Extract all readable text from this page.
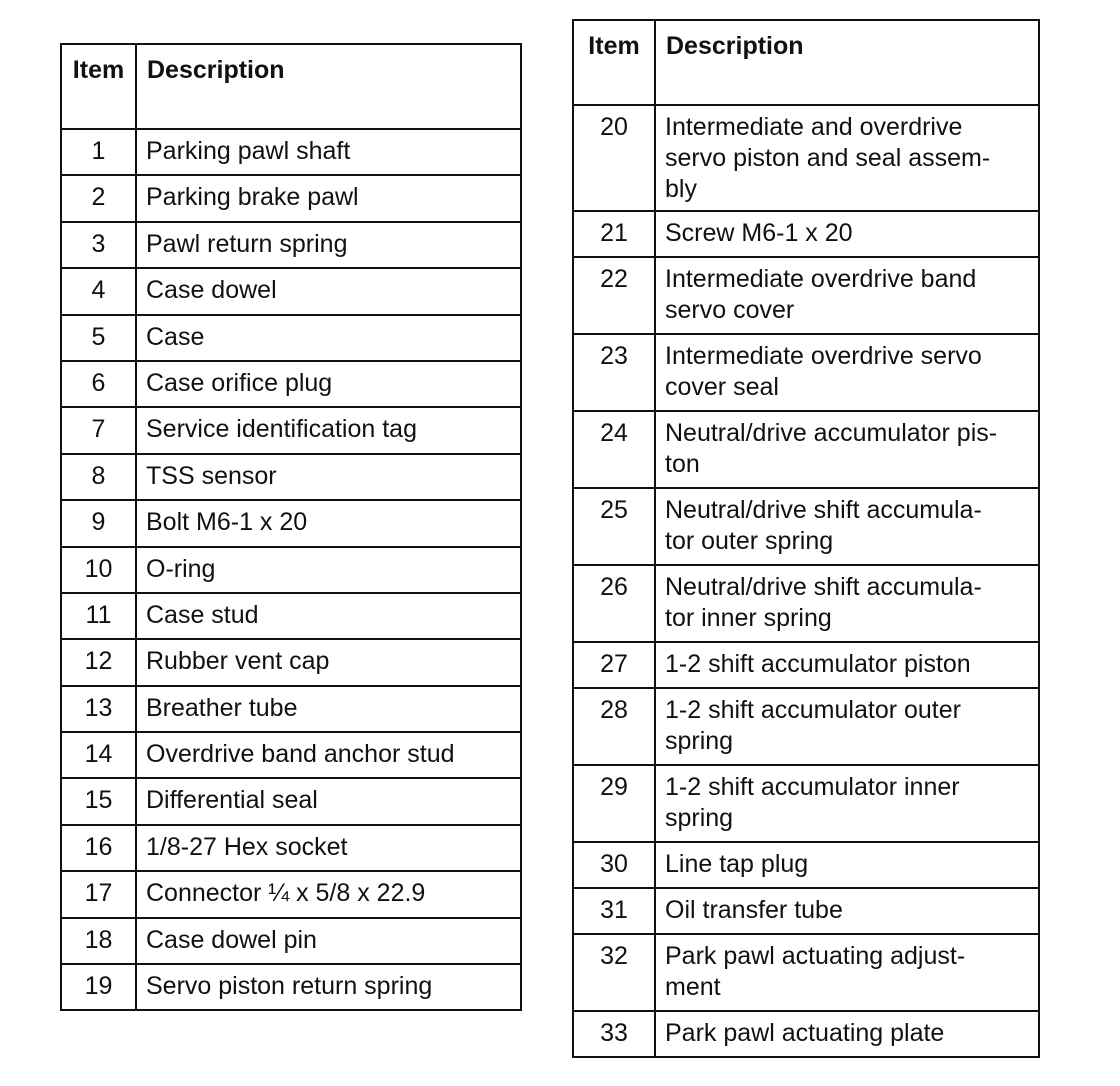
Item	Description
1	Parking pawl shaft
2	Parking brake pawl
3	Pawl return spring
4	Case dowel
5	Case
6	Case orifice plug
7	Service identification tag
8	TSS sensor
9	Bolt M6-1 x 20
10	O-ring
11	Case stud
12	Rubber vent cap
13	Breather tube
14	Overdrive band anchor stud
15	Differential seal
16	1/8-27 Hex socket
17	Connector ¼ x 5/8 x 22.9
18	Case dowel pin
19	Servo piston return spring
Item	Description
20	Intermediate and overdrive
servo piston and seal assem-
bly
21	Screw M6-1 x 20
22	Intermediate overdrive band
servo cover
23	Intermediate overdrive servo
cover seal
24	Neutral/drive accumulator pis-
ton
25	Neutral/drive shift accumula-
tor outer spring
26	Neutral/drive shift accumula-
tor inner spring
27	1-2 shift accumulator piston
28	1-2 shift accumulator outer
spring
29	1-2 shift accumulator inner
spring
30	Line tap plug
31	Oil transfer tube
32	Park pawl actuating adjust-
ment
33	Park pawl actuating plate
